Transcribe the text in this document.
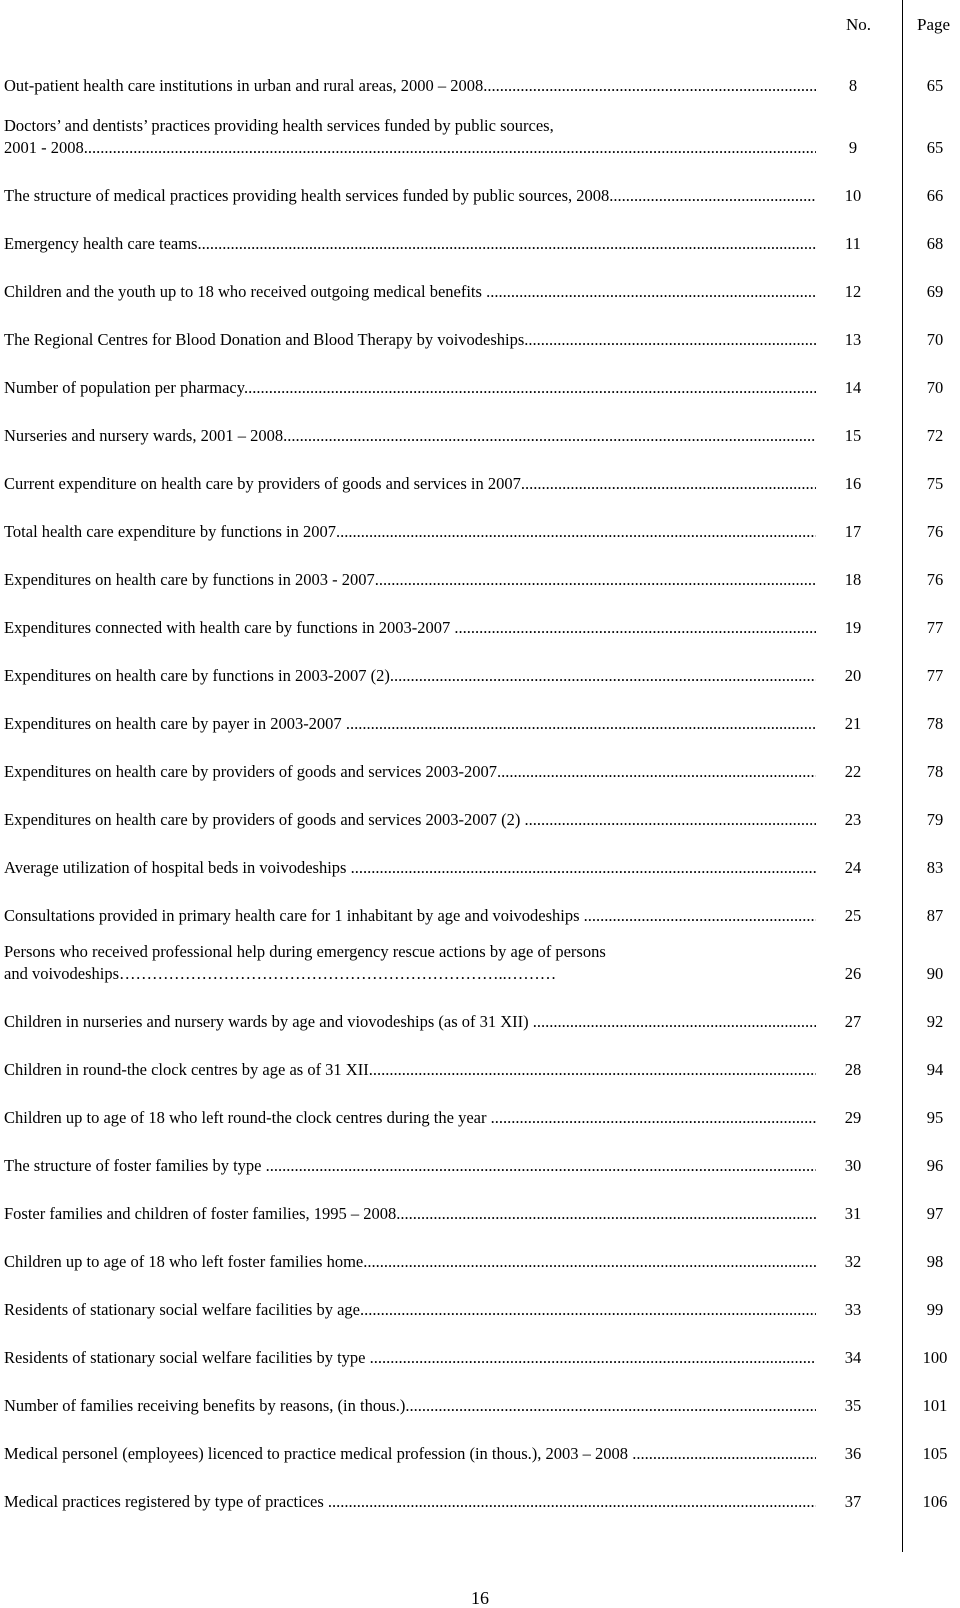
No.	Page
Out-patient health care institutions in urban and rural areas, 2000 – 2008 .....	8	65
Doctors’ and dentists’ practices providing health services funded by public sources,
2001 - 2008 .....	9	65
The structure of medical practices providing health services funded by public sources, 2008 .....	10	66
Emergency health care teams .....	11	68
Children and the youth up to 18 who received outgoing medical benefits .....	12	69
The Regional Centres for Blood Donation and Blood Therapy by voivodeships .....	13	70
Number of population per pharmacy .....	14	70
Nurseries and nursery wards, 2001 – 2008 .....	15	72
Current expenditure on health care by providers of goods and services in 2007 .....	16	75
Total health care expenditure by functions in 2007 .....	17	76
Expenditures on health care by functions in 2003 - 2007 .....	18	76
Expenditures connected with health care by functions in 2003-2007 .....	19	77
Expenditures on health care by functions in 2003-2007 (2) .....	20	77
Expenditures on health care by payer in 2003-2007 .....	21	78
Expenditures on health care by providers of goods and services 2003-2007 .....	22	78
Expenditures on health care by providers of goods and services 2003-2007 (2) .....	23	79
Average utilization of hospital beds in voivodeships .....	24	83
Consultations provided in primary health care for 1 inhabitant by age and voivodeships .....	25	87
Persons who received professional help during emergency rescue actions by age of persons
and voivodeships……………………………………………………………..………	26	90
Children in nurseries and nursery wards by age and viovodeships (as of 31 XII) .....	27	92
Children in round-the clock centres by age as of 31 XII .....	28	94
Children up to age of 18 who left round-the clock centres during the year .....	29	95
The structure of foster families by type .....	30	96
Foster families and children of foster families, 1995 – 2008 .....	31	97
Children up to age of 18 who left foster families home .....	32	98
Residents of stationary social welfare facilities by age .....	33	99
Residents of stationary social welfare facilities by type .....	34	100
Number of families receiving benefits by reasons, (in thous.) .....	35	101
Medical personel (employees) licenced to practice medical profession (in thous.), 2003 – 2008 .....	36	105
Medical practices registered by type of practices .....	37	106
16
